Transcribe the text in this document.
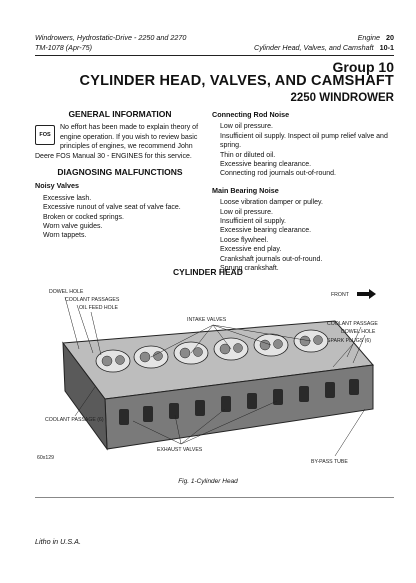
Windrowers, Hydrostatic-Drive - 2250 and 2270
TM-1078 (Apr-75)
Engine 20
Cylinder Head, Valves, and Camshaft 10-1
Group 10
CYLINDER HEAD, VALVES, AND CAMSHAFT
2250 WINDROWER
GENERAL INFORMATION
FOS

No effort has been made to explain theory of engine operation. If you wish to review basic principles of engines, we recommend John Deere FOS Manual 30 - ENGINES for this service.

DIAGNOSING MALFUNCTIONS
Noisy Valves
Excessive lash.
Excessive runout of valve seat of valve face.
Broken or cocked springs.
Worn valve guides.
Worn tappets.
Connecting Rod Noise
Low oil pressure.
Insufficient oil supply. Inspect oil pump relief valve and spring.
Thin or diluted oil.
Excessive bearing clearance.
Connecting rod journals out-of-round.
Main Bearing Noise
Loose vibration damper or pulley.
Low oil pressure.
Insufficient oil supply.
Excessive bearing clearance.
Loose flywheel.
Excessive end play.
Crankshaft journals out-of-round.
Sprung crankshaft.
CYLINDER HEAD
DOWEL HOLE
COOLANT PASSAGES
OIL FEED HOLE
INTAKE VALVES
FRONT
COOLANT PASSAGE
DOWEL HOLE
SPARK PLUGS (6)
COOLANT PASSAGE (6)
EXHAUST VALVES
BY-PASS TUBE
60x129
Fig. 1-Cylinder Head
Litho in U.S.A.
